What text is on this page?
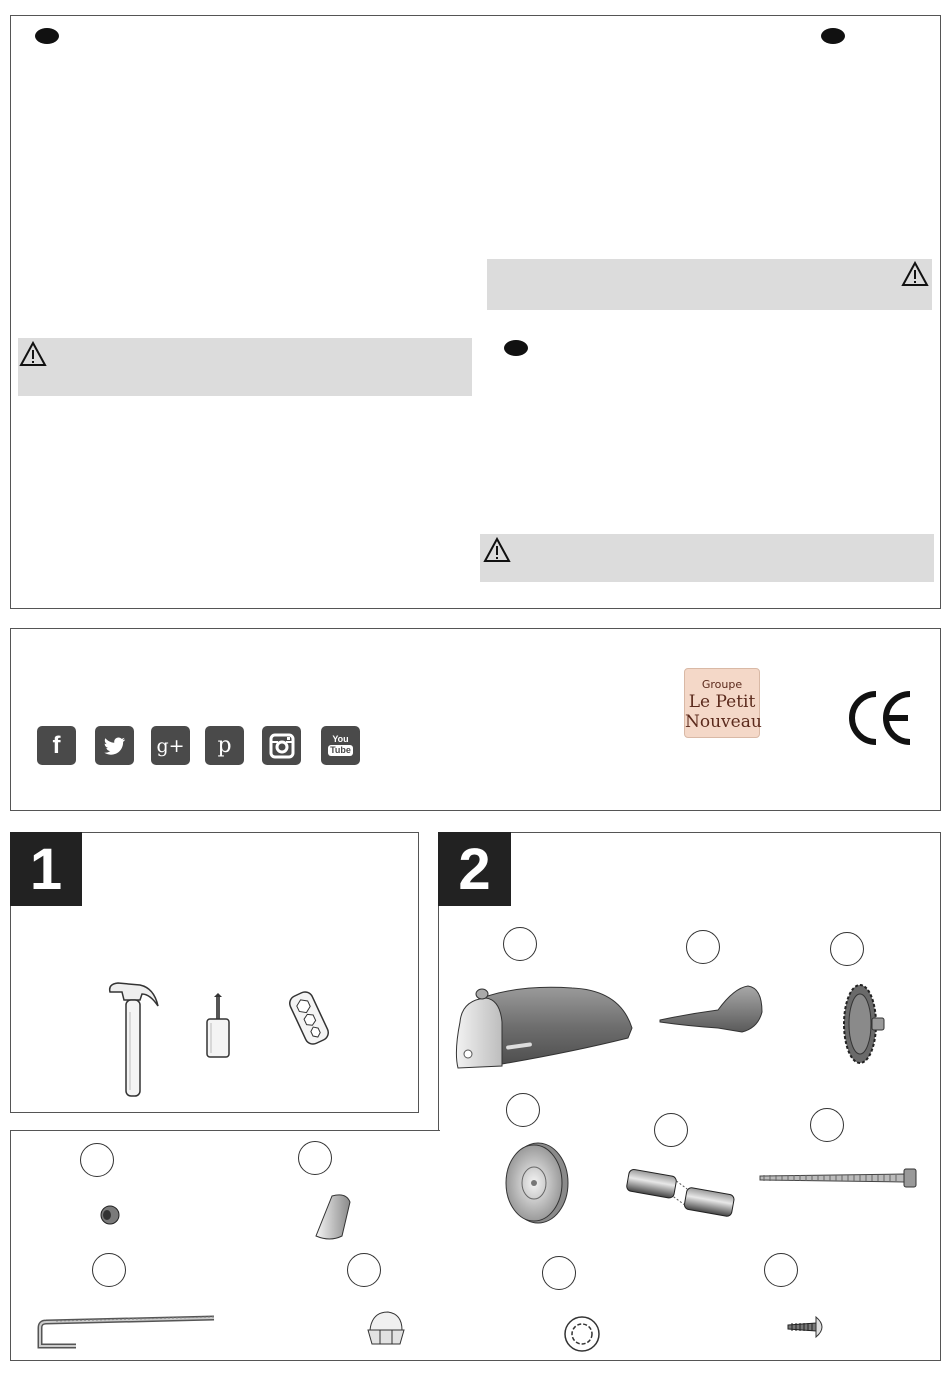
f	g+	p	You
Tube
Groupe
Le Petit
Nouveau
1	2
